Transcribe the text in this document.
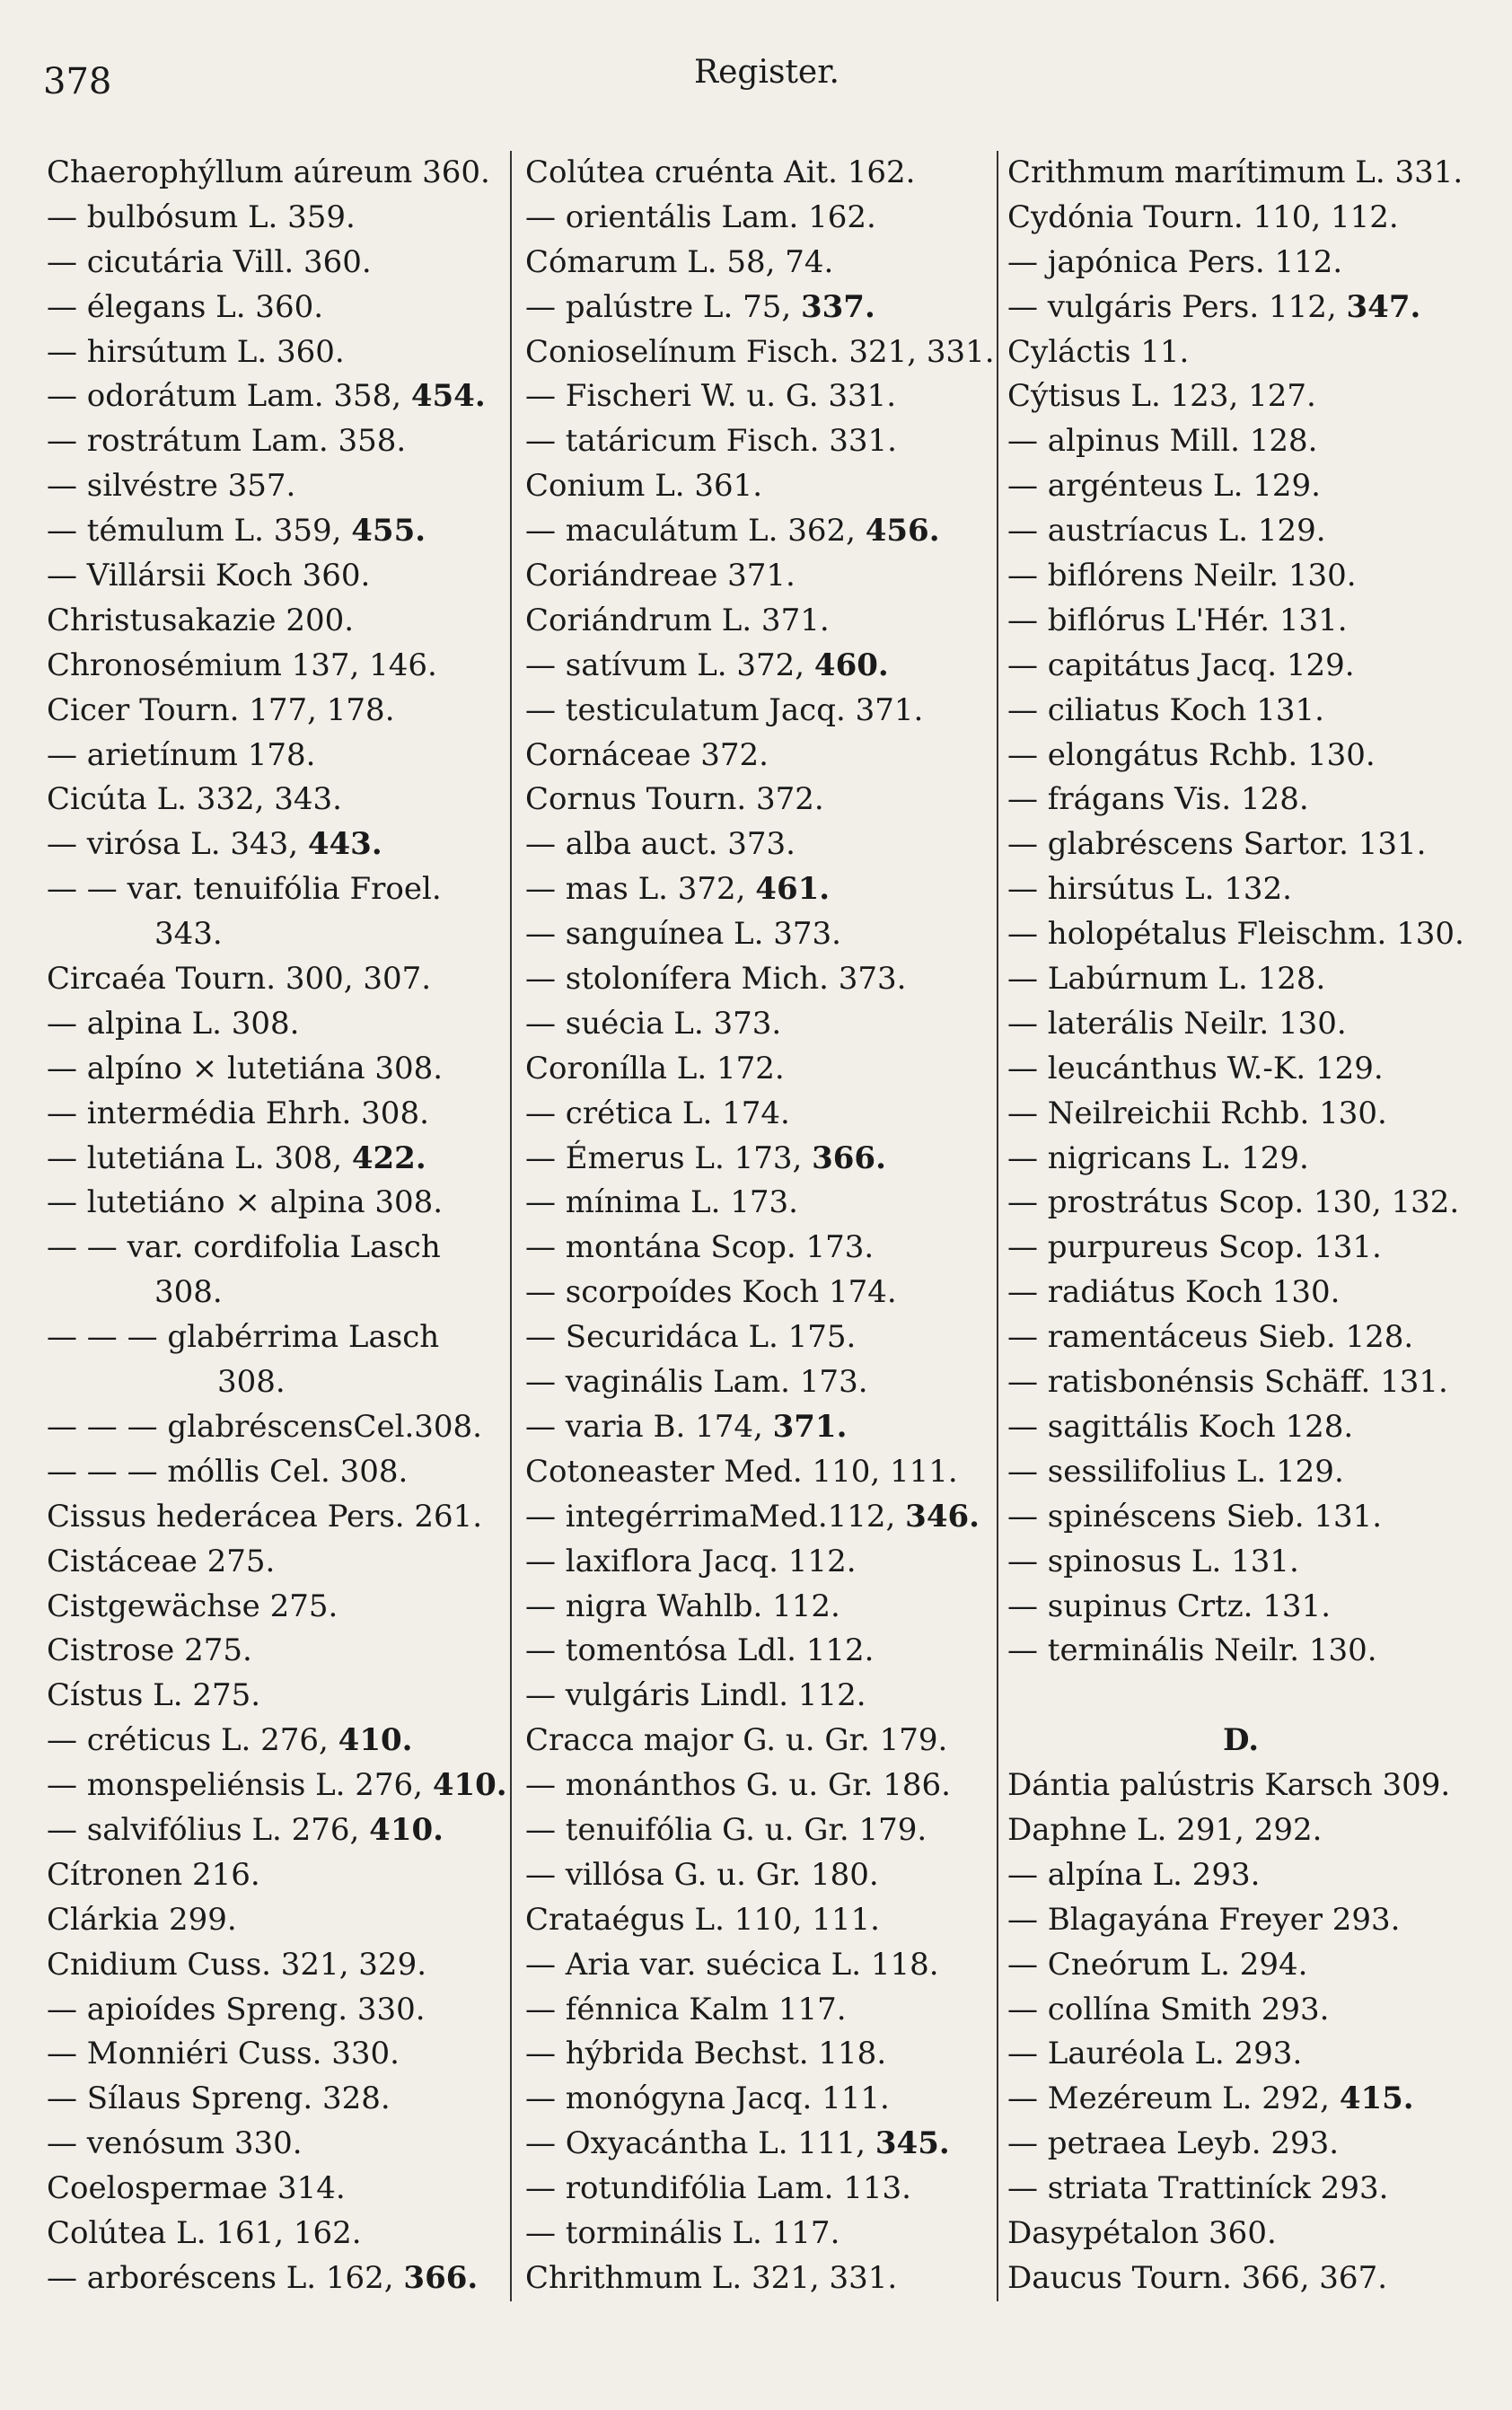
378	Register.
Chaerophýllum aúreum 360.
— bulbósum L. 359.
— cicutária Vill. 360.
— élegans L. 360.
— hirsútum L. 360.
— odorátum Lam. 358, 454.
— rostrátum Lam. 358.
— silvéstre 357.
— témulum L. 359, 455.
— Villársii Koch 360.
Christusakazie 200.
Chronosémium 137, 146.
Cicer Tourn. 177, 178.
— arietínum 178.
Cicúta L. 332, 343.
— virósa L. 343, 443.
— — var. tenuifólia Froel.
343.
Circaéa Tourn. 300, 307.
— alpina L. 308.
— alpíno × lutetiána 308.
— intermédia Ehrh. 308.
— lutetiána L. 308, 422.
— lutetiáno × alpina 308.
— — var. cordifolia Lasch
308.
— — — glabérrima Lasch
308.
— — — glabréscensCel.308.
— — — móllis Cel. 308.
Cissus hederácea Pers. 261.
Cistáceae 275.
Cistgewächse 275.
Cistrose 275.
Cístus L. 275.
— créticus L. 276, 410.
— monspeliénsis L. 276, 410.
— salvifólius L. 276, 410.
Cítronen 216.
Clárkia 299.
Cnidium Cuss. 321, 329.
— apioídes Spreng. 330.
— Monniéri Cuss. 330.
— Sílaus Spreng. 328.
— venósum 330.
Coelospermae 314.
Colútea L. 161, 162.
— arboréscens L. 162, 366.
Colútea cruénta Ait. 162.
— orientális Lam. 162.
Cómarum L. 58, 74.
— palústre L. 75, 337.
Conioselínum Fisch. 321, 331.
— Fischeri W. u. G. 331.
— tatáricum Fisch. 331.
Conium L. 361.
— maculátum L. 362, 456.
Coriándreae 371.
Coriándrum L. 371.
— satívum L. 372, 460.
— testiculatum Jacq. 371.
Cornáceae 372.
Cornus Tourn. 372.
— alba auct. 373.
— mas L. 372, 461.
— sanguínea L. 373.
— stolonífera Mich. 373.
— suécia L. 373.
Coronílla L. 172.
— crética L. 174.
— Émerus L. 173, 366.
— mínima L. 173.
— montána Scop. 173.
— scorpoídes Koch 174.
— Securidáca L. 175.
— vaginális Lam. 173.
— varia B. 174, 371.
Cotoneaster Med. 110, 111.
— integérrimaMed.112, 346.
— laxiflora Jacq. 112.
— nigra Wahlb. 112.
— tomentósa Ldl. 112.
— vulgáris Lindl. 112.
Cracca major G. u. Gr. 179.
— monánthos G. u. Gr. 186.
— tenuifólia G. u. Gr. 179.
— villósa G. u. Gr. 180.
Crataégus L. 110, 111.
— Aria var. suécica L. 118.
— fénnica Kalm 117.
— hýbrida Bechst. 118.
— monógyna Jacq. 111.
— Oxyacántha L. 111, 345.
— rotundifólia Lam. 113.
— torminális L. 117.
Chrithmum L. 321, 331.
Crithmum marítimum L. 331.
Cydónia Tourn. 110, 112.
— japónica Pers. 112.
— vulgáris Pers. 112, 347.
Cyláctis 11.
Cýtisus L. 123, 127.
— alpinus Mill. 128.
— argénteus L. 129.
— austríacus L. 129.
— biflórens Neilr. 130.
— biflórus L'Hér. 131.
— capitátus Jacq. 129.
— ciliatus Koch 131.
— elongátus Rchb. 130.
— frágans Vis. 128.
— glabréscens Sartor. 131.
— hirsútus L. 132.
— holopétalus Fleischm. 130.
— Labúrnum L. 128.
— laterális Neilr. 130.
— leucánthus W.-K. 129.
— Neilreichii Rchb. 130.
— nigricans L. 129.
— prostrátus Scop. 130, 132.
— purpureus Scop. 131.
— radiátus Koch 130.
— ramentáceus Sieb. 128.
— ratisbonénsis Schäff. 131.
— sagittális Koch 128.
— sessilifolius L. 129.
— spinéscens Sieb. 131.
— spinosus L. 131.
— supinus Crtz. 131.
— terminális Neilr. 130.
D.
Dántia palústris Karsch 309.
Daphne L. 291, 292.
— alpína L. 293.
— Blagayána Freyer 293.
— Cneórum L. 294.
— collína Smith 293.
— Lauréola L. 293.
— Mezéreum L. 292, 415.
— petraea Leyb. 293.
— striata Trattiníck 293.
Dasypétalon 360.
Daucus Tourn. 366, 367.
